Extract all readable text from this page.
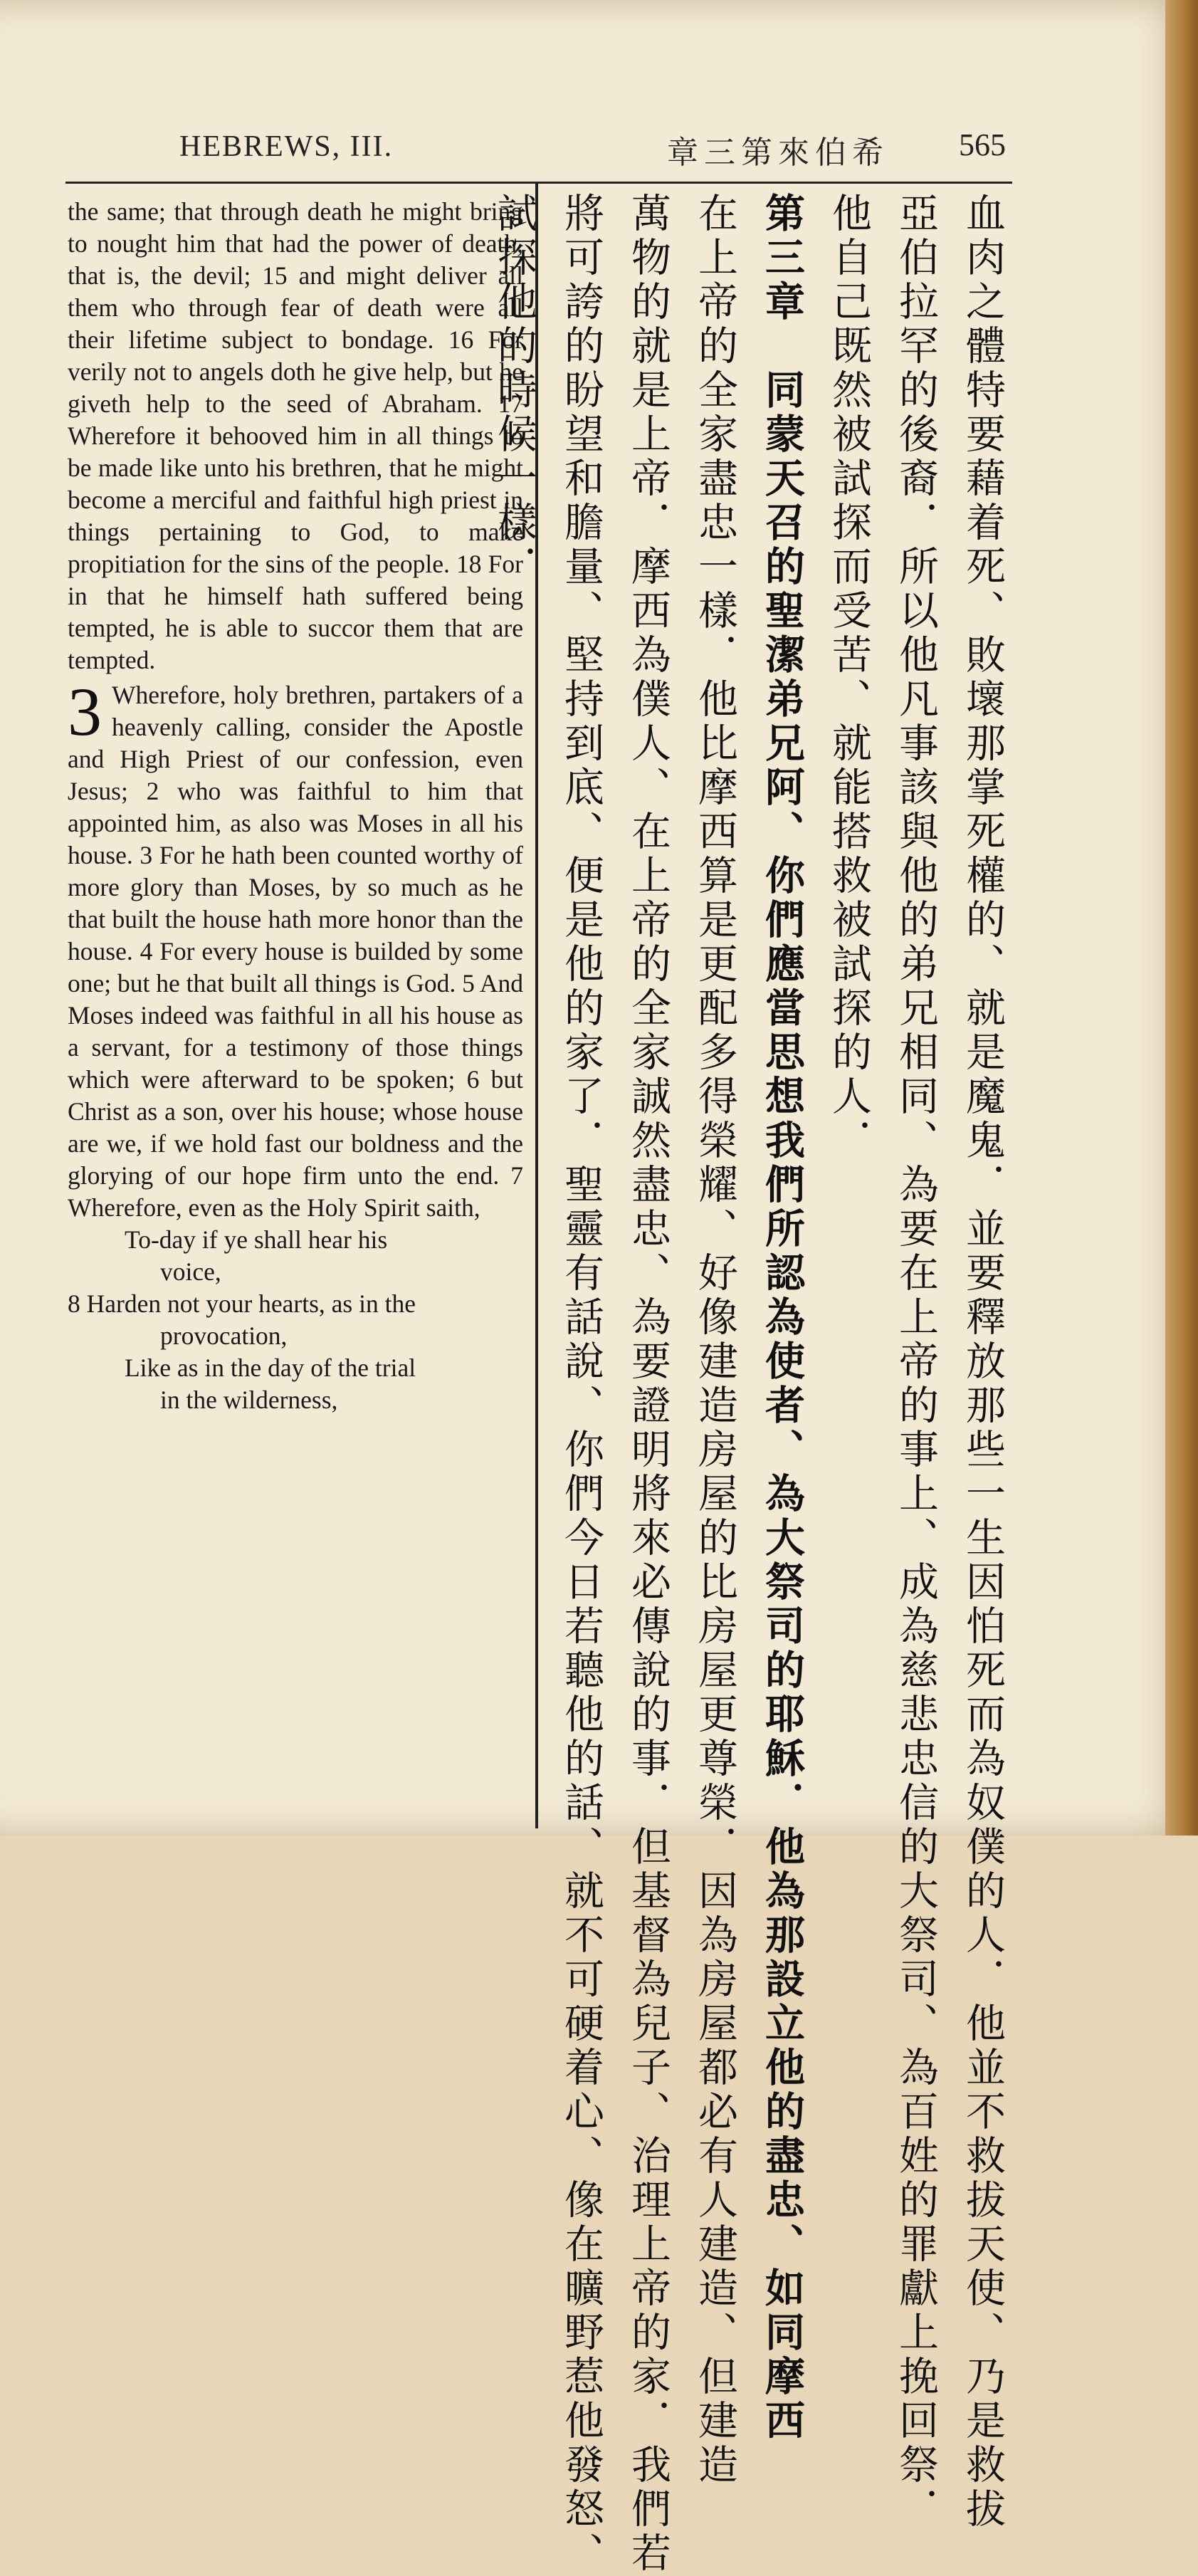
HEBREWS, III.	章三第來伯希 565

the same; that through death he might bring to nought him that had the power of death, that is, the devil; 15 and might deliver all them who through fear of death were all their lifetime subject to bondage. 16 For verily not to angels doth he give help, but he giveth help to the seed of Abraham. 17 Wherefore it behooved him in all things to be made like unto his brethren, that he might become a merciful and faithful high priest in things pertaining to God, to make propitiation for the sins of the people. 18 For in that he himself hath suffered being tempted, he is able to succor them that are tempted.

3 Wherefore, holy brethren, partakers of a heavenly calling, consider the Apostle and High Priest of our confession, even Jesus; 2 who was faithful to him that appointed him, as also was Moses in all his house. 3 For he hath been counted worthy of more glory than Moses, by so much as he that built the house hath more honor than the house. 4 For every house is builded by some one; but he that built all things is God. 5 And Moses indeed was faithful in all his house as a servant, for a testimony of those things which were afterward to be spoken; 6 but Christ as a son, over his house; whose house are we, if we hold fast our boldness and the glorying of our hope firm unto the end. 7 Wherefore, even as the Holy Spirit saith,

To-day if ye shall hear his
voice,
8 Harden not your hearts, as in the
provocation,
Like as in the day of the trial
in the wilderness,	血肉之體特要藉着死、敗壞那掌死權的、就是魔鬼．並要釋放那些一生因怕死而為奴僕的人．他並不救拔天使、乃是救拔
亞伯拉罕的後裔．所以他凡事該與他的弟兄相同、為要在上帝的事上、成為慈悲忠信的大祭司、為百姓的罪獻上挽回祭．
他自己既然被試探而受苦、就能搭救被試探的人．
第三章　同蒙天召的聖潔弟兄阿、你們應當思想我們所認為使者、為大祭司的耶穌．他為那設立他的盡忠、如同摩西
在上帝的全家盡忠一樣．他比摩西算是更配多得榮耀、好像建造房屋的比房屋更尊榮．因為房屋都必有人建造、但建造
萬物的就是上帝．摩西為僕人、在上帝的全家誠然盡忠、為要證明將來必傳說的事．但基督為兒子、治理上帝的家．我們若
將可誇的盼望和膽量、堅持到底、便是他的家了．聖靈有話說、你們今日若聽他的話、就不可硬着心、像在曠野惹他發怒、
試探他的時候一樣．
